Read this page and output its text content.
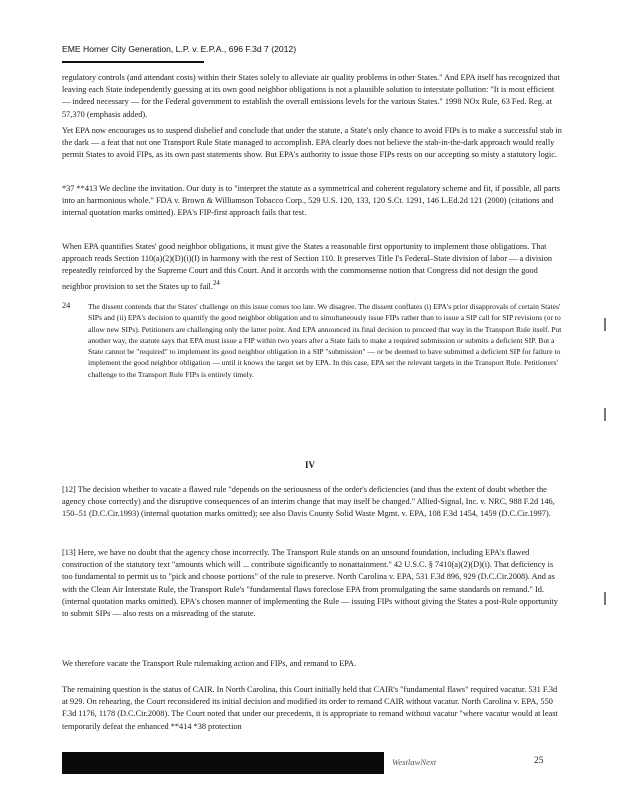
EME Homer City Generation, L.P. v. E.P.A., 696 F.3d 7 (2012)
regulatory controls (and attendant costs) within their States solely to alleviate air quality problems in other States." And EPA itself has recognized that leaving each State independently guessing at its own good neighbor obligations is not a plausible solution to interstate pollution: "It is most efficient — indeed necessary — for the Federal government to establish the overall emissions levels for the various States." 1998 NOx Rule, 63 Fed. Reg. at 57,370 (emphasis added).
Yet EPA now encourages us to suspend disbelief and conclude that under the statute, a State's only chance to avoid FIPs is to make a successful stab in the dark — a feat that not one Transport Rule State managed to accomplish. EPA clearly does not believe the stab-in-the-dark approach would really permit States to avoid FIPs, as its own past statements show. But EPA's authority to issue those FIPs rests on our accepting so misty a statutory logic.
*37 **413 We decline the invitation. Our duty is to "interpret the statute as a symmetrical and coherent regulatory scheme and fit, if possible, all parts into an harmonious whole." FDA v. Brown & Williamson Tobacco Corp., 529 U.S. 120, 133, 120 S.Ct. 1291, 146 L.Ed.2d 121 (2000) (citations and internal quotation marks omitted). EPA's FIP-first approach fails that test.
When EPA quantifies States' good neighbor obligations, it must give the States a reasonable first opportunity to implement those obligations. That approach reads Section 110(a)(2)(D)(i)(I) in harmony with the rest of Section 110. It preserves Title I's Federal–State division of labor — a division repeatedly reinforced by the Supreme Court and this Court. And it accords with the commonsense notion that Congress did not design the good neighbor provision to set the States up to fail.$^{24}$
24 The dissent contends that the States' challenge on this issue comes too late. We disagree. The dissent conflates (i) EPA's prior disapprovals of certain States' SIPs and (ii) EPA's decision to quantify the good neighbor obligation and to simultaneously issue FIPs rather than to issue a SIP call for SIP revisions (or to allow new SIPs). Petitioners are challenging only the latter point. And EPA announced its final decision to proceed that way in the Transport Rule itself. Put another way, the statute says that EPA must issue a FIP within two years after a State fails to make a required submission or submits a deficient SIP. But a State cannot be "required" to implement its good neighbor obligation in a SIP "submission" — or be deemed to have submitted a deficient SIP for failure to implement the good neighbor obligation — until it knows the target set by EPA. In this case, EPA set the relevant targets in the Transport Rule. Petitioners' challenge to the Transport Rule FIPs is entirely timely.
IV
[12] The decision whether to vacate a flawed rule "depends on the seriousness of the order's deficiencies (and thus the extent of doubt whether the agency chose correctly) and the disruptive consequences of an interim change that may itself be changed." Allied-Signal, Inc. v. NRC, 988 F.2d 146, 150–51 (D.C.Cir.1993) (internal quotation marks omitted); see also Davis County Solid Waste Mgmt. v. EPA, 108 F.3d 1454, 1459 (D.C.Cir.1997).
[13] Here, we have no doubt that the agency chose incorrectly. The Transport Rule stands on an unsound foundation, including EPA's flawed construction of the statutory text "amounts which will ... contribute significantly to nonattainment." 42 U.S.C. § 7410(a)(2)(D)(i). That deficiency is too fundamental to permit us to "pick and choose portions" of the rule to preserve. North Carolina v. EPA, 531 F.3d 896, 929 (D.C.Cir.2008). And as with the Clean Air Interstate Rule, the Transport Rule's "fundamental flaws foreclose EPA from promulgating the same standards on remand." Id. (internal quotation marks omitted). EPA's chosen manner of implementing the Rule — issuing FIPs without giving the States a post-Rule opportunity to submit SIPs — also rests on a misreading of the statute.
We therefore vacate the Transport Rule rulemaking action and FIPs, and remand to EPA.
The remaining question is the status of CAIR. In North Carolina, this Court initially held that CAIR's "fundamental flaws" required vacatur. 531 F.3d at 929. On rehearing, the Court reconsidered its initial decision and modified its order to remand CAIR without vacatur. North Carolina v. EPA, 550 F.3d 1176, 1178 (D.C.Cir.2008). The Court noted that under our precedents, it is appropriate to remand without vacatur "where vacatur would at least temporarily defeat the enhanced **414 *38 protection
WestlawNext	25
